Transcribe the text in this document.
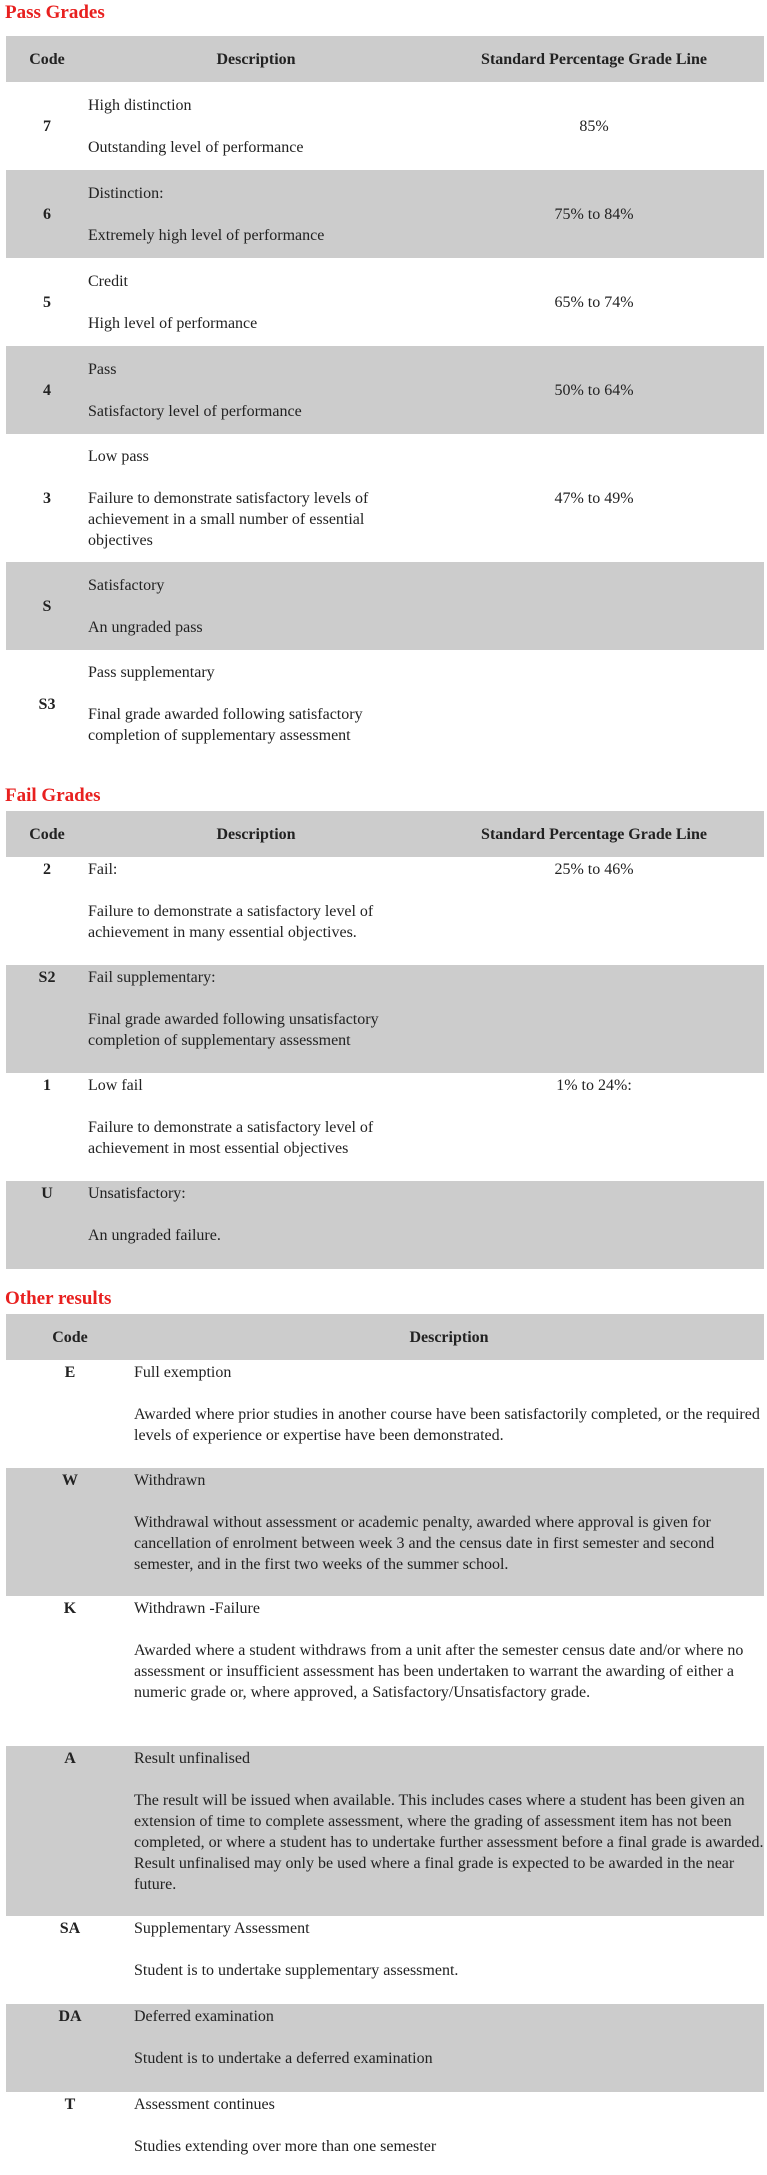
Pass Grades
Code	Description	Standard Percentage Grade Line
7	High distinction

Outstanding level of performance	85%
6	Distinction:

Extremely high level of performance	75% to 84%
5	Credit

High level of performance	65% to 74%
4	Pass

Satisfactory level of performance	50% to 64%
3	Low pass

Failure to demonstrate satisfactory levels of achievement in a small number of essential objectives	47% to 49%
S	Satisfactory

An ungraded pass	

S3	Pass supplementary

Final grade awarded following satisfactory completion of supplementary assessment	

Fail Grades
Code	Description	Standard Percentage Grade Line
2	Fail:

Failure to demonstrate a satisfactory level of achievement in many essential objectives.	25% to 46%
S2	Fail supplementary:

Final grade awarded following unsatisfactory completion of supplementary assessment	

1	Low fail

Failure to demonstrate a satisfactory level of achievement in most essential objectives	1% to 24%:
U	Unsatisfactory:

An ungraded failure.	

Other results
Code	Description
E	Full exemption

Awarded where prior studies in another course have been satisfactorily completed, or the required levels of experience or expertise have been demonstrated.

W	Withdrawn

Withdrawal without assessment or academic penalty, awarded where approval is given for cancellation of enrolment between week 3 and the census date in first semester and second semester, and in the first two weeks of the summer school.

K	Withdrawn -Failure

Awarded where a student withdraws from a unit after the semester census date and/or where no assessment or insufficient assessment has been undertaken to warrant the awarding of either a numeric grade or, where approved, a Satisfactory/Unsatisfactory grade.

A	Result unfinalised

The result will be issued when available. This includes cases where a student has been given an extension of time to complete assessment, where the grading of assessment item has not been completed, or where a student has to undertake further assessment before a final grade is awarded. Result unfinalised may only be used where a final grade is expected to be awarded in the near future.

SA	Supplementary Assessment

Student is to undertake supplementary assessment.

DA	Deferred examination

Student is to undertake a deferred examination

T	Assessment continues

Studies extending over more than one semester
